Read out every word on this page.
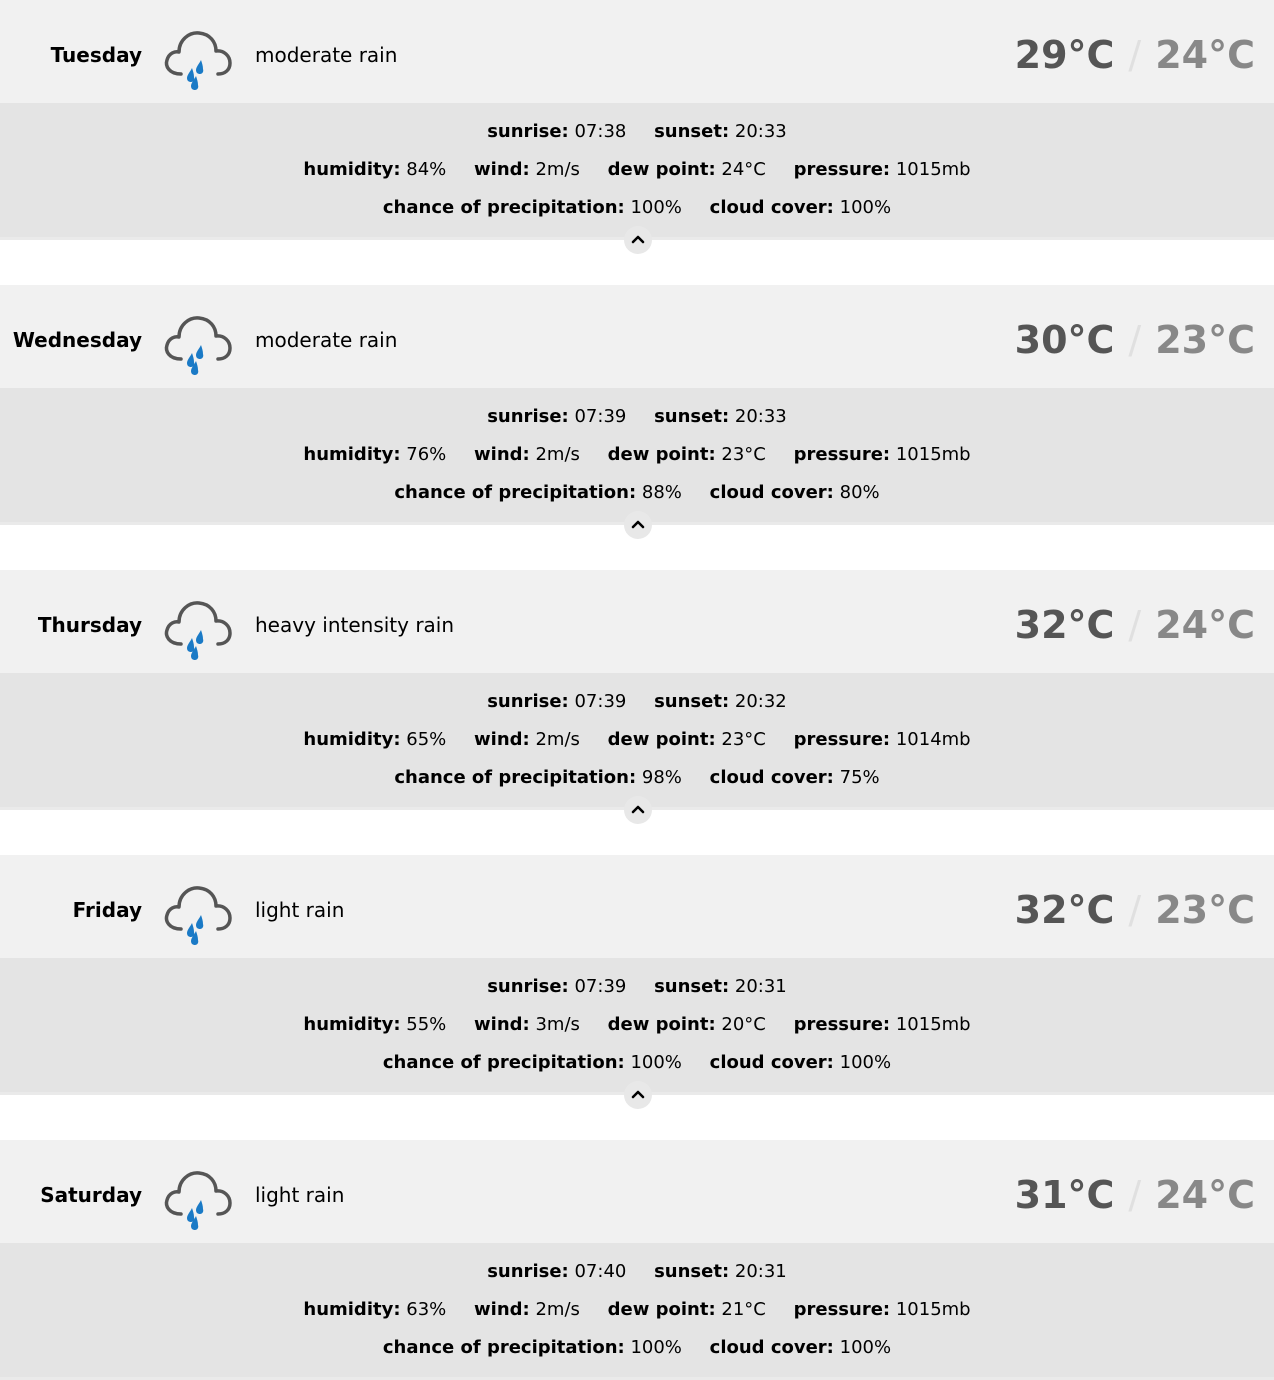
Tuesday	moderate rain	29°C / 24°C
sunrise: 07:38 sunset: 20:33
humidity: 84% wind: 2m/s dew point: 24°C pressure: 1015mb
chance of precipitation: 100% cloud cover: 100%
Wednesday	moderate rain	30°C / 23°C
sunrise: 07:39 sunset: 20:33
humidity: 76% wind: 2m/s dew point: 23°C pressure: 1015mb
chance of precipitation: 88% cloud cover: 80%
Thursday	heavy intensity rain	32°C / 24°C
sunrise: 07:39 sunset: 20:32
humidity: 65% wind: 2m/s dew point: 23°C pressure: 1014mb
chance of precipitation: 98% cloud cover: 75%
Friday	light rain	32°C / 23°C
sunrise: 07:39 sunset: 20:31
humidity: 55% wind: 3m/s dew point: 20°C pressure: 1015mb
chance of precipitation: 100% cloud cover: 100%
Saturday	light rain	31°C / 24°C
sunrise: 07:40 sunset: 20:31
humidity: 63% wind: 2m/s dew point: 21°C pressure: 1015mb
chance of precipitation: 100% cloud cover: 100%
